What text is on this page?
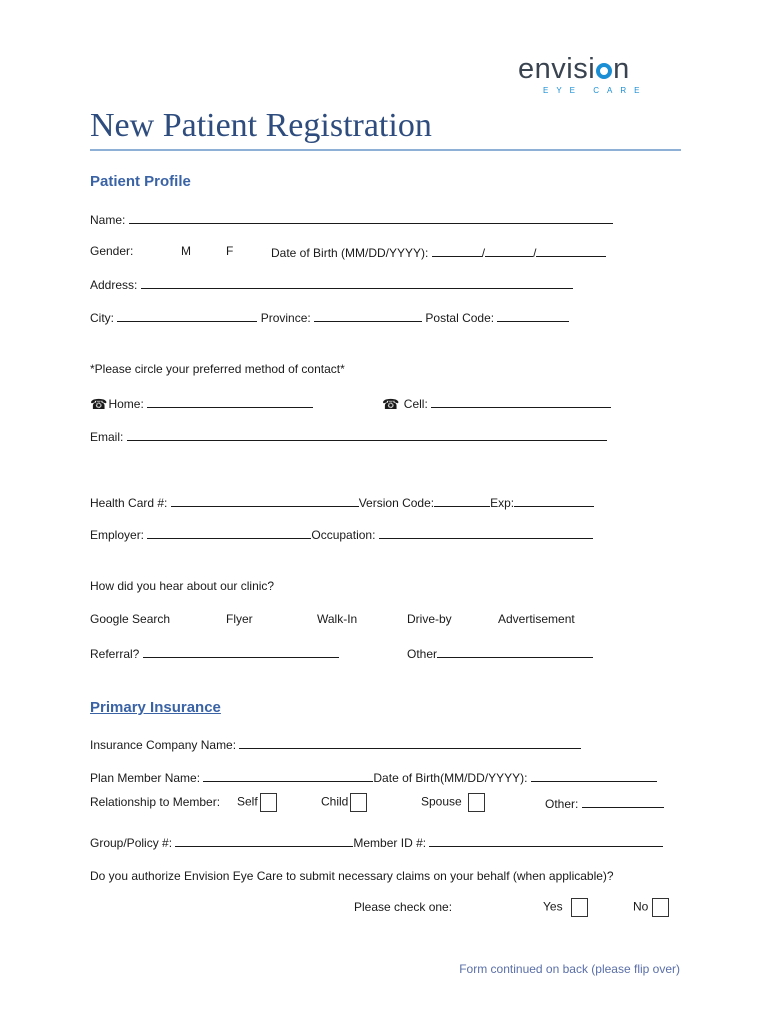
envisi n
EYE CARE
New Patient Registration
Patient Profile
Name:
Gender:	M	F	Date of Birth (MM/DD/YYYY):	/	/
Address:
City:	Province:	Postal Code:
*Please circle your preferred method of contact*
☎Home:	☎ Cell:
Email:
Health Card #:	Version Code:	Exp:
Employer:	Occupation:
How did you hear about our clinic?
Google Search	Flyer	Walk-In	Drive-by	Advertisement
Referral?	Other
Primary Insurance
Insurance Company Name:
Plan Member Name:	Date of Birth(MM/DD/YYYY):
Relationship to Member: Self	Child	Spouse	Other:
Group/Policy #:	Member ID #:
Do you authorize Envision Eye Care to submit necessary claims on your behalf (when applicable)?
Please check one:	Yes	No
Form continued on back (please flip over)
